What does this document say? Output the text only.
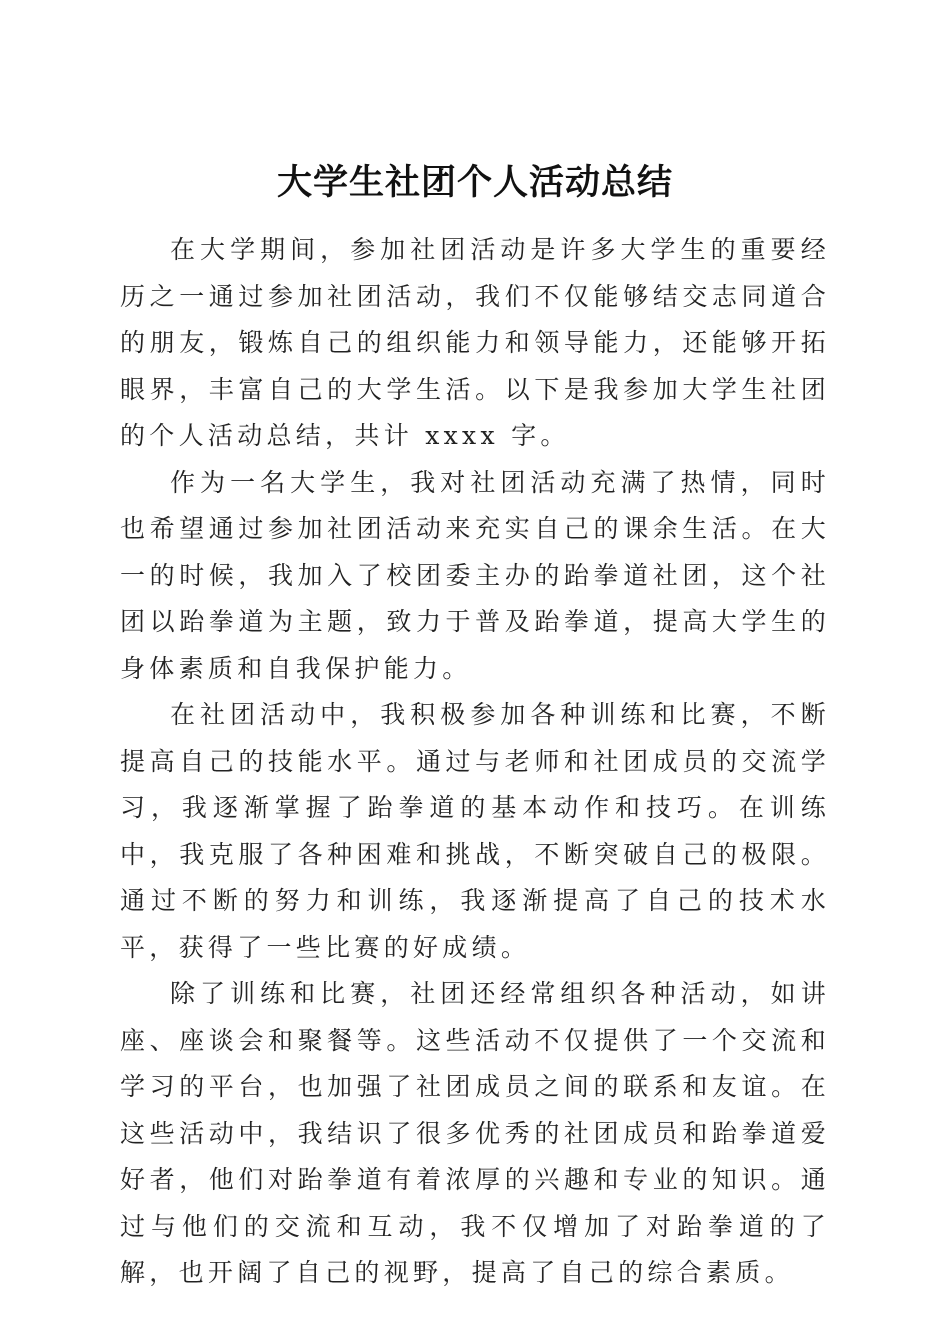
大学生社团个人活动总结

在大学期间，参加社团活动是许多大学生的重要经历之一通过参加社团活动，我们不仅能够结交志同道合的朋友，锻炼自己的组织能力和领导能力，还能够开拓眼界，丰富自己的大学生活。以下是我参加大学生社团的个人活动总结，共计 xxxx 字。

作为一名大学生，我对社团活动充满了热情，同时也希望通过参加社团活动来充实自己的课余生活。在大一的时候，我加入了校团委主办的跆拳道社团，这个社团以跆拳道为主题，致力于普及跆拳道，提高大学生的身体素质和自我保护能力。

在社团活动中，我积极参加各种训练和比赛，不断提高自己的技能水平。通过与老师和社团成员的交流学习，我逐渐掌握了跆拳道的基本动作和技巧。在训练中，我克服了各种困难和挑战，不断突破自己的极限。通过不断的努力和训练，我逐渐提高了自己的技术水平，获得了一些比赛的好成绩。

除了训练和比赛，社团还经常组织各种活动，如讲座、座谈会和聚餐等。这些活动不仅提供了一个交流和学习的平台，也加强了社团成员之间的联系和友谊。在这些活动中，我结识了很多优秀的社团成员和跆拳道爱好者，他们对跆拳道有着浓厚的兴趣和专业的知识。通过与他们的交流和互动，我不仅增加了对跆拳道的了解，也开阔了自己的视野，提高了自己的综合素质。
